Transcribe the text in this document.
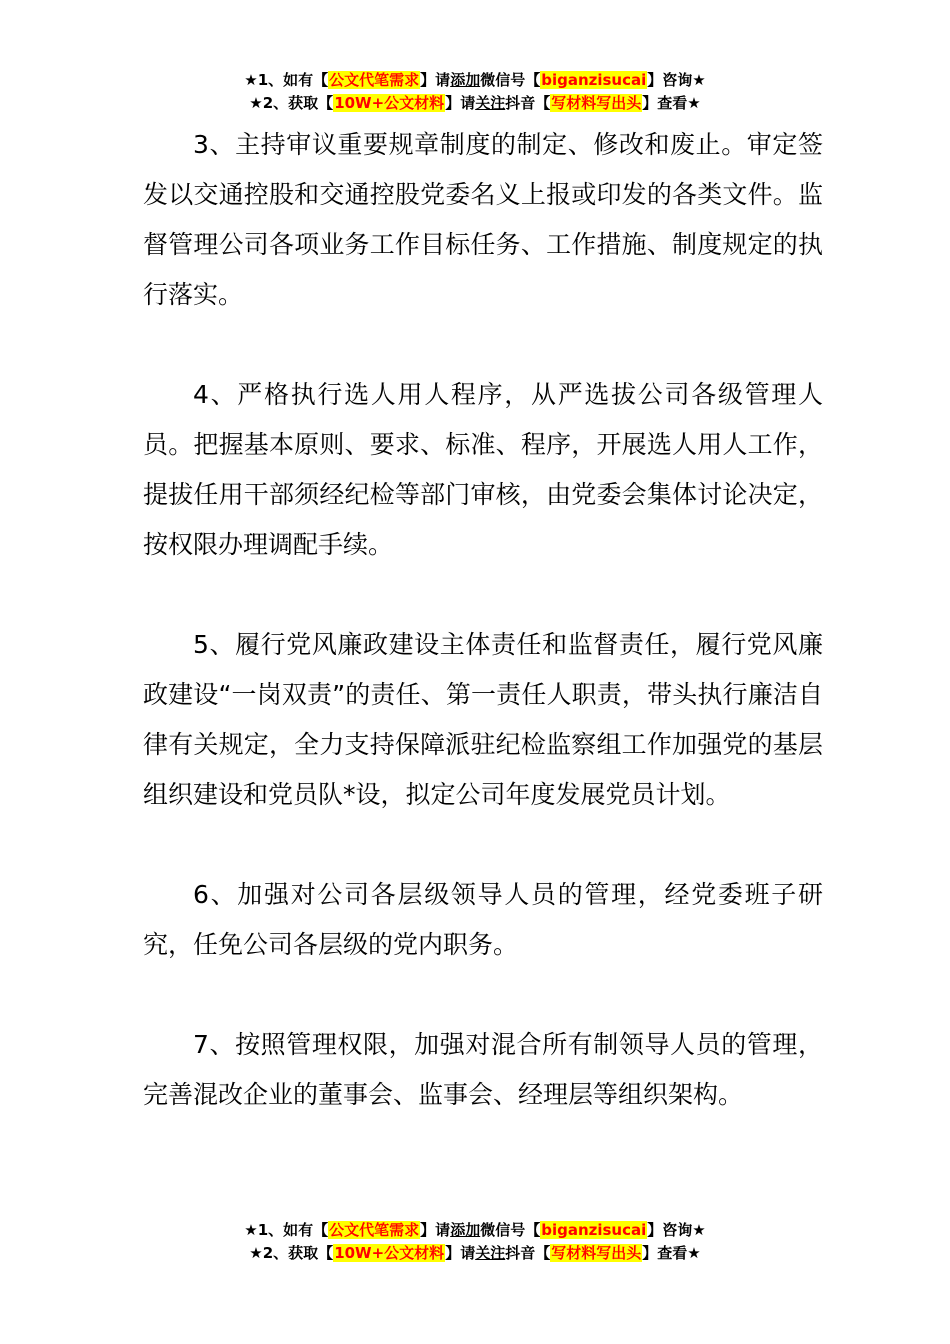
★1、如有【公文代笔需求】请添加微信号【biganzisucai】咨询★
★2、获取【10W+公文材料】请关注抖音【写材料写出头】查看★

3、主持审议重要规章制度的制定、修改和废止。审定签发以交通控股和交通控股党委名义上报或印发的各类文件。监督管理公司各项业务工作目标任务、工作措施、制度规定的执行落实。

4、严格执行选人用人程序，从严选拔公司各级管理人员。把握基本原则、要求、标准、程序，开展选人用人工作，提拔任用干部须经纪检等部门审核，由党委会集体讨论决定，按权限办理调配手续。

5、履行党风廉政建设主体责任和监督责任，履行党风廉政建设“一岗双责”的责任、第一责任人职责，带头执行廉洁自律有关规定，全力支持保障派驻纪检监察组工作加强党的基层组织建设和党员队*设，拟定公司年度发展党员计划。

6、加强对公司各层级领导人员的管理，经党委班子研究，任免公司各层级的党内职务。

7、按照管理权限，加强对混合所有制领导人员的管理，完善混改企业的董事会、监事会、经理层等组织架构。

★1、如有【公文代笔需求】请添加微信号【biganzisucai】咨询★
★2、获取【10W+公文材料】请关注抖音【写材料写出头】查看★
